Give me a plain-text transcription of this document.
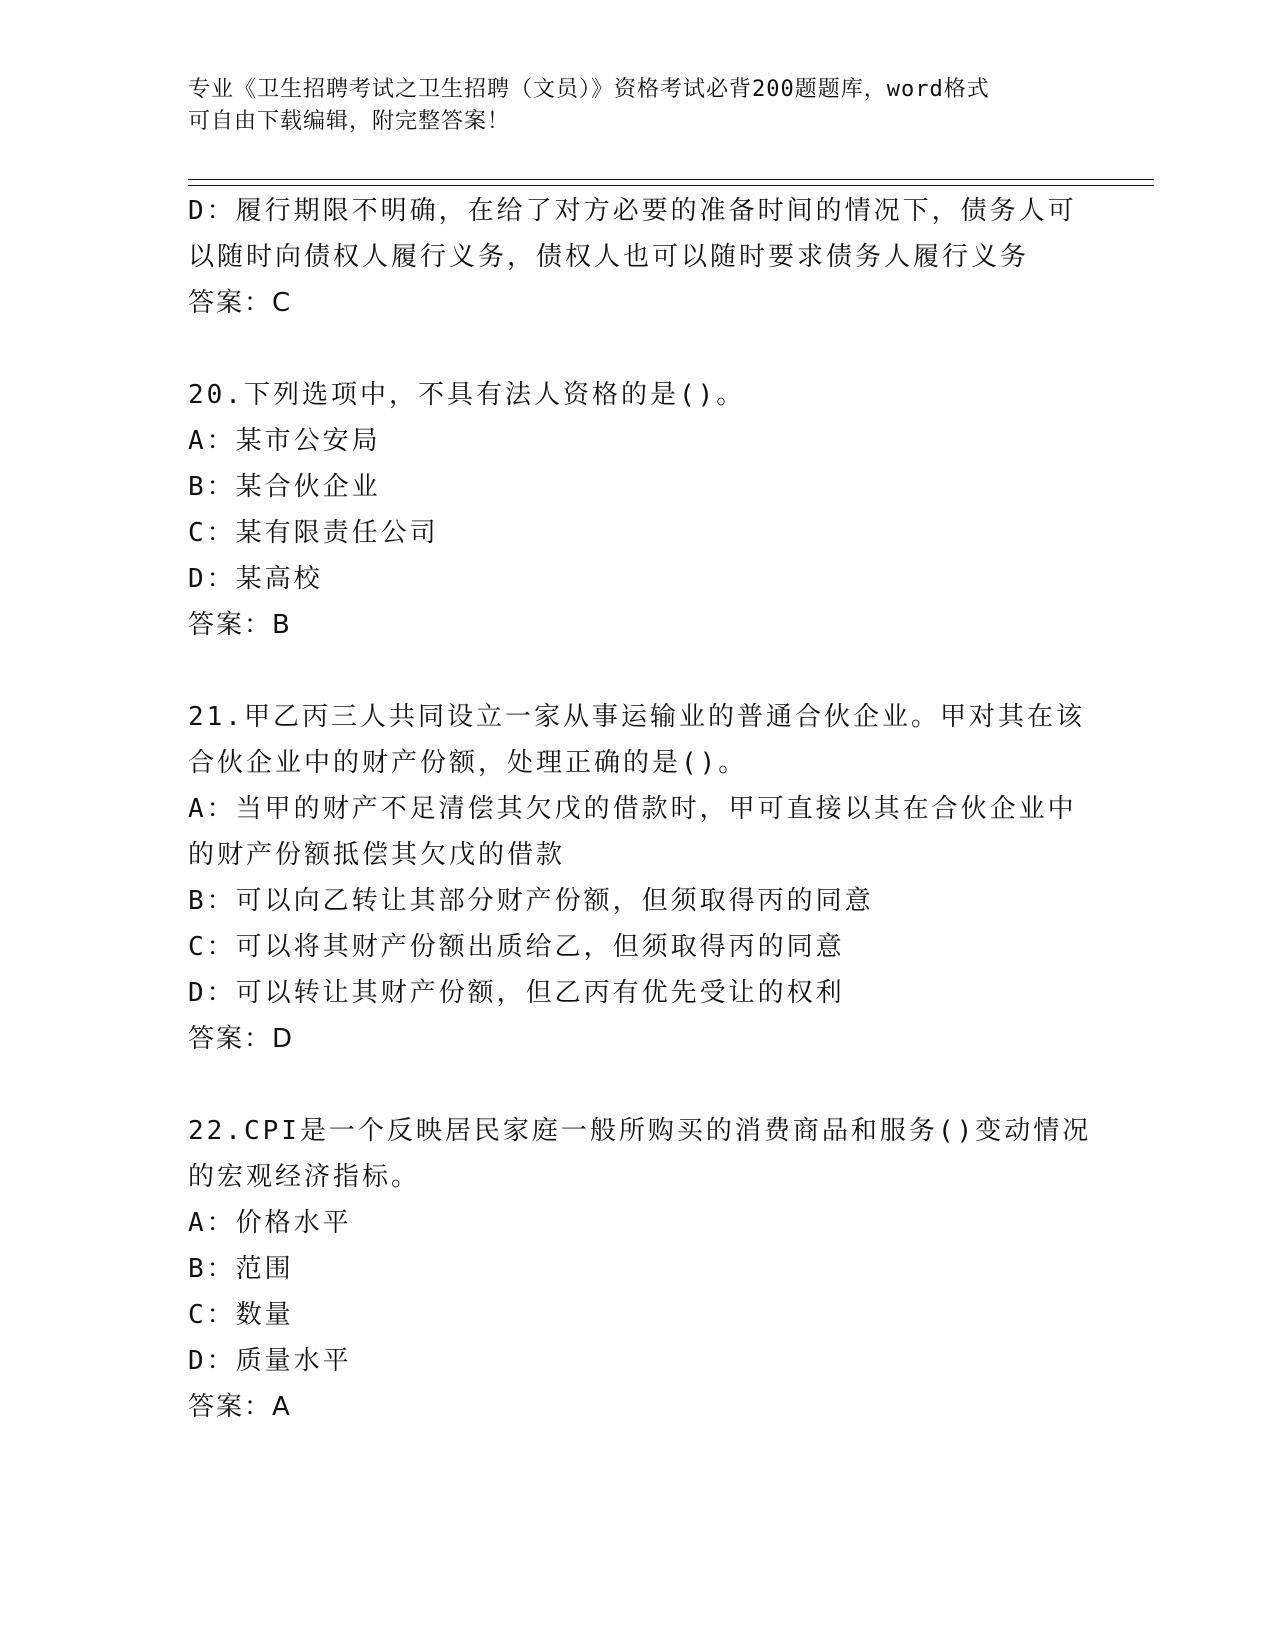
专业《卫生招聘考试之卫生招聘（文员）》资格考试必背200题题库，word格式
可自由下载编辑，附完整答案！
D：履行期限不明确，在给了对方必要的准备时间的情况下，债务人可
以随时向债权人履行义务，债权人也可以随时要求债务人履行义务
答案：C
20.下列选项中，不具有法人资格的是()。
A：某市公安局
B：某合伙企业
C：某有限责任公司
D：某高校
答案：B
21.甲乙丙三人共同设立一家从事运输业的普通合伙企业。甲对其在该
合伙企业中的财产份额，处理正确的是()。
A：当甲的财产不足清偿其欠戊的借款时，甲可直接以其在合伙企业中
的财产份额抵偿其欠戊的借款
B：可以向乙转让其部分财产份额，但须取得丙的同意
C：可以将其财产份额出质给乙，但须取得丙的同意
D：可以转让其财产份额，但乙丙有优先受让的权利
答案：D
22.CPI是一个反映居民家庭一般所购买的消费商品和服务()变动情况
的宏观经济指标。
A：价格水平
B：范围
C：数量
D：质量水平
答案：A
